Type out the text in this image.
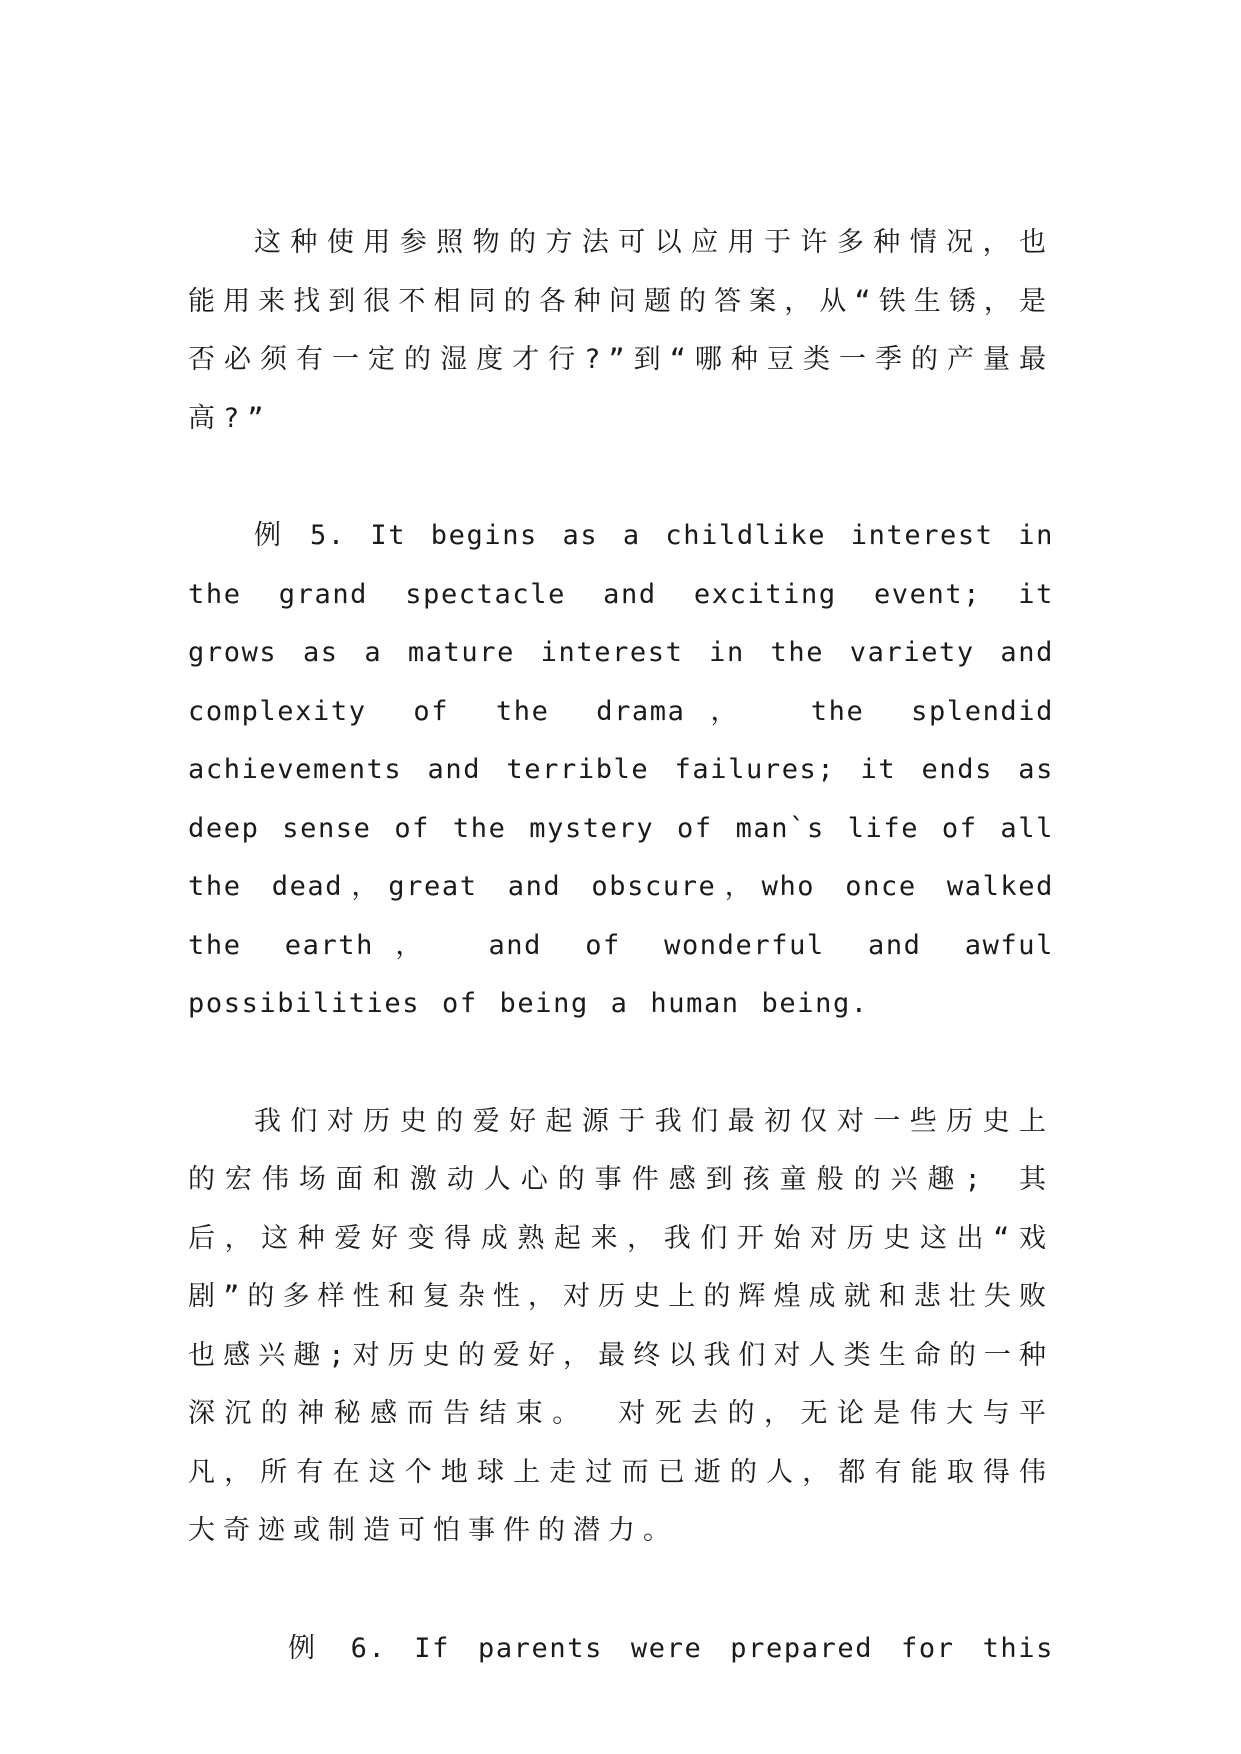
这种使用参照物的方法可以应用于许多种情况，也能用来找到很不相同的各种问题的答案，从“铁生锈，是否必须有一定的湿度才行?”到“哪种豆类一季的产量最高?”

例 5. It begins as a childlike interest in the grand spectacle and exciting event; it grows as a mature interest in the variety and complexity of the drama， the splendid achievements and terrible failures; it ends as deep sense of the mystery of man`s life of all the dead，great and obscure，who once walked the earth， and of wonderful and awful possibilities of being a human being.

我们对历史的爱好起源于我们最初仅对一些历史上的宏伟场面和激动人心的事件感到孩童般的兴趣; 其后，这种爱好变得成熟起来，我们开始对历史这出“戏剧”的多样性和复杂性，对历史上的辉煌成就和悲壮失败也感兴趣;对历史的爱好，最终以我们对人类生命的一种深沉的神秘感而告结束。 对死去的，无论是伟大与平凡，所有在这个地球上走过而已逝的人，都有能取得伟大奇迹或制造可怕事件的潜力。

例 6. If parents were prepared for this
